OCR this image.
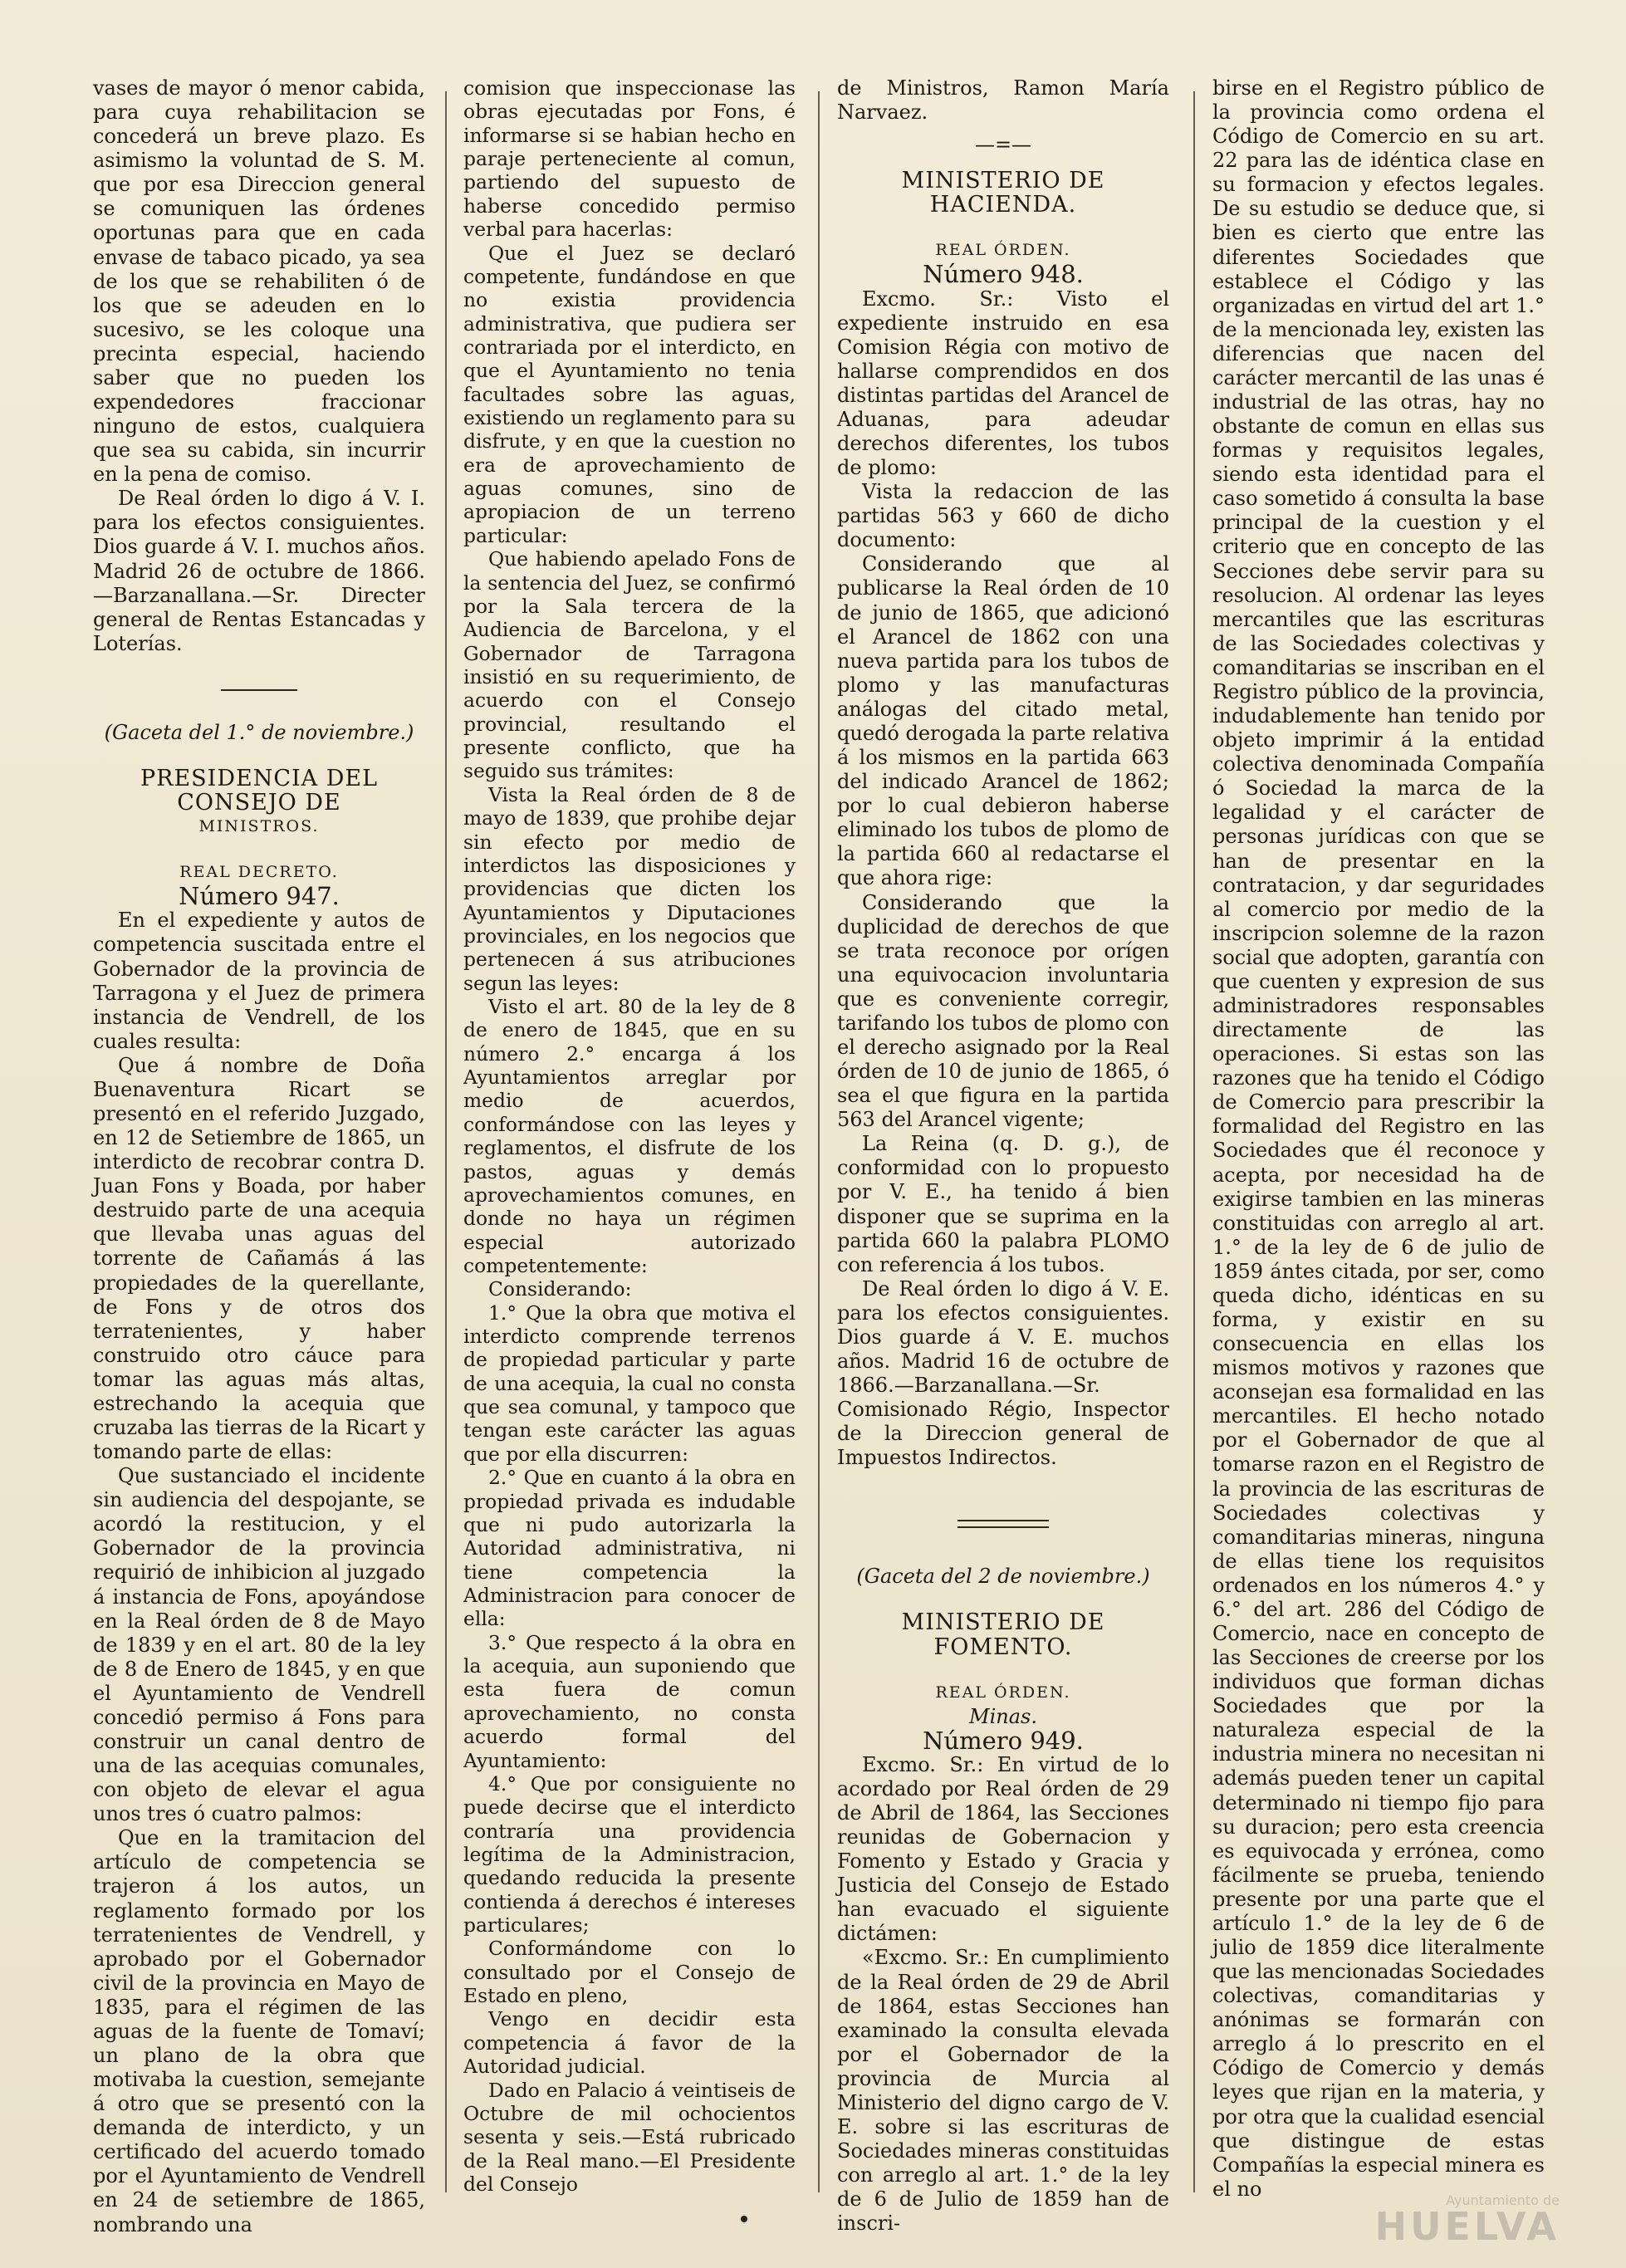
vases de mayor ó menor cabida, para cuya rehabilitacion se concederá un breve plazo. Es asimismo la voluntad de S. M. que por esa Direccion general se comuniquen las órdenes oportunas para que en cada envase de tabaco picado, ya sea de los que se rehabiliten ó de los que se adeuden en lo sucesivo, se les coloque una precinta especial, haciendo saber que no pueden los expendedores fraccionar ninguno de estos, cualquiera que sea su cabida, sin incurrir en la pena de comiso.

De Real órden lo digo á V. I. para los efectos consiguientes. Dios guarde á V. I. muchos años. Madrid 26 de octubre de 1866.—Barzanallana.—Sr. Directer general de Rentas Estancadas y Loterías.

(Gaceta del 1.° de noviembre.)

PRESIDENCIA DEL CONSEJO DE

MINISTROS.

REAL DECRETO.

Número 947.

En el expediente y autos de competencia suscitada entre el Gobernador de la provincia de Tarragona y el Juez de primera instancia de Vendrell, de los cuales resulta:

Que á nombre de Doña Buenaventura Ricart se presentó en el referido Juzgado, en 12 de Setiembre de 1865, un interdicto de recobrar contra D. Juan Fons y Boada, por haber destruido parte de una acequia que llevaba unas aguas del torrente de Cañamás á las propiedades de la querellante, de Fons y de otros dos terratenientes, y haber construido otro cáuce para tomar las aguas más altas, estrechando la acequia que cruzaba las tierras de la Ricart y tomando parte de ellas:

Que sustanciado el incidente sin audiencia del despojante, se acordó la restitucion, y el Gobernador de la provincia requirió de inhibicion al juzgado á instancia de Fons, apoyándose en la Real órden de 8 de Mayo de 1839 y en el art. 80 de la ley de 8 de Enero de 1845, y en que el Ayuntamiento de Vendrell concedió permiso á Fons para construir un canal dentro de una de las acequias comunales, con objeto de elevar el agua unos tres ó cuatro palmos:

Que en la tramitacion del artículo de competencia se trajeron á los autos, un reglamento formado por los terratenientes de Vendrell, y aprobado por el Gobernador civil de la provincia en Mayo de 1835, para el régimen de las aguas de la fuente de Tomaví; un plano de la obra que motivaba la cuestion, semejante á otro que se presentó con la demanda de interdicto, y un certificado del acuerdo tomado por el Ayuntamiento de Vendrell en 24 de setiembre de 1865, nombrando una

comision que inspeccionase las obras ejecutadas por Fons, é informarse si se habian hecho en paraje perteneciente al comun, partiendo del supuesto de haberse concedido permiso verbal para hacerlas:

Que el Juez se declaró competente, fundándose en que no existia providencia administrativa, que pudiera ser contrariada por el interdicto, en que el Ayuntamiento no tenia facultades sobre las aguas, existiendo un reglamento para su disfrute, y en que la cuestion no era de aprovechamiento de aguas comunes, sino de apropiacion de un terreno particular:

Que habiendo apelado Fons de la sentencia del Juez, se confirmó por la Sala tercera de la Audiencia de Barcelona, y el Gobernador de Tarragona insistió en su requerimiento, de acuerdo con el Consejo provincial, resultando el presente conflicto, que ha seguido sus trámites:

Vista la Real órden de 8 de mayo de 1839, que prohibe dejar sin efecto por medio de interdictos las disposiciones y providencias que dicten los Ayuntamientos y Diputaciones provinciales, en los negocios que pertenecen á sus atribuciones segun las leyes:

Visto el art. 80 de la ley de 8 de enero de 1845, que en su número 2.° encarga á los Ayuntamientos arreglar por medio de acuerdos, conformándose con las leyes y reglamentos, el disfrute de los pastos, aguas y demás aprovechamientos comunes, en donde no haya un régimen especial autorizado competentemente:

Considerando:

1.° Que la obra que motiva el interdicto comprende terrenos de propiedad particular y parte de una acequia, la cual no consta que sea comunal, y tampoco que tengan este carácter las aguas que por ella discurren:

2.° Que en cuanto á la obra en propiedad privada es indudable que ni pudo autorizarla la Autoridad administrativa, ni tiene competencia la Administracion para conocer de ella:

3.° Que respecto á la obra en la acequia, aun suponiendo que esta fuera de comun aprovechamiento, no consta acuerdo formal del Ayuntamiento:

4.° Que por consiguiente no puede decirse que el interdicto contraría una providencia legítima de la Administracion, quedando reducida la presente contienda á derechos é intereses particulares;

Conformándome con lo consultado por el Consejo de Estado en pleno,

Vengo en decidir esta competencia á favor de la Autoridad judicial.

Dado en Palacio á veintiseis de Octubre de mil ochocientos sesenta y seis.—Está rubricado de la Real mano.—El Presidente del Consejo

de Ministros, Ramon María Narvaez.

—=—

MINISTERIO DE HACIENDA.

REAL ÓRDEN.

Número 948.

Excmo. Sr.: Visto el expediente instruido en esa Comision Régia con motivo de hallarse comprendidos en dos distintas partidas del Arancel de Aduanas, para adeudar derechos diferentes, los tubos de plomo:

Vista la redaccion de las partidas 563 y 660 de dicho documento:

Considerando que al publicarse la Real órden de 10 de junio de 1865, que adicionó el Arancel de 1862 con una nueva partida para los tubos de plomo y las manufacturas análogas del citado metal, quedó derogada la parte relativa á los mismos en la partida 663 del indicado Arancel de 1862; por lo cual debieron haberse eliminado los tubos de plomo de la partida 660 al redactarse el que ahora rige:

Considerando que la duplicidad de derechos de que se trata reconoce por orígen una equivocacion involuntaria que es conveniente corregir, tarifando los tubos de plomo con el derecho asignado por la Real órden de 10 de junio de 1865, ó sea el que figura en la partida 563 del Arancel vigente;

La Reina (q. D. g.), de conformidad con lo propuesto por V. E., ha tenido á bien disponer que se suprima en la partida 660 la palabra PLOMO con referencia á los tubos.

De Real órden lo digo á V. E. para los efectos consiguientes. Dios guarde á V. E. muchos años. Madrid 16 de octubre de 1866.—Barzanallana.—Sr. Comisionado Régio, Inspector de la Direccion general de Impuestos Indirectos.

(Gaceta del 2 de noviembre.)

MINISTERIO DE FOMENTO.

REAL ÓRDEN.

Minas.

Número 949.

Excmo. Sr.: En virtud de lo acordado por Real órden de 29 de Abril de 1864, las Secciones reunidas de Gobernacion y Fomento y Estado y Gracia y Justicia del Consejo de Estado han evacuado el siguiente dictámen:

«Excmo. Sr.: En cumplimiento de la Real órden de 29 de Abril de 1864, estas Secciones han examinado la consulta elevada por el Gobernador de la provincia de Murcia al Ministerio del digno cargo de V. E. sobre si las escrituras de Sociedades mineras constituidas con arreglo al art. 1.° de la ley de 6 de Julio de 1859 han de inscri-

birse en el Registro público de la provincia como ordena el Código de Comercio en su art. 22 para las de idéntica clase en su formacion y efectos legales. De su estudio se deduce que, si bien es cierto que entre las diferentes Sociedades que establece el Código y las organizadas en virtud del art 1.° de la mencionada ley, existen las diferencias que nacen del carácter mercantil de las unas é industrial de las otras, hay no obstante de comun en ellas sus formas y requisitos legales, siendo esta identidad para el caso sometido á consulta la base principal de la cuestion y el criterio que en concepto de las Secciones debe servir para su resolucion. Al ordenar las leyes mercantiles que las escrituras de las Sociedades colectivas y comanditarias se inscriban en el Registro público de la provincia, indudablemente han tenido por objeto imprimir á la entidad colectiva denominada Compañía ó Sociedad la marca de la legalidad y el carácter de personas jurídicas con que se han de presentar en la contratacion, y dar seguridades al comercio por medio de la inscripcion solemne de la razon social que adopten, garantía con que cuenten y expresion de sus administradores responsables directamente de las operaciones. Si estas son las razones que ha tenido el Código de Comercio para prescribir la formalidad del Registro en las Sociedades que él reconoce y acepta, por necesidad ha de exigirse tambien en las mineras constituidas con arreglo al art. 1.° de la ley de 6 de julio de 1859 ántes citada, por ser, como queda dicho, idénticas en su forma, y existir en su consecuencia en ellas los mismos motivos y razones que aconsejan esa formalidad en las mercantiles. El hecho notado por el Gobernador de que al tomarse razon en el Registro de la provincia de las escrituras de Sociedades colectivas y comanditarias mineras, ninguna de ellas tiene los requisitos ordenados en los números 4.° y 6.° del art. 286 del Código de Comercio, nace en concepto de las Secciones de creerse por los individuos que forman dichas Sociedades que por la naturaleza especial de la industria minera no necesitan ni además pueden tener un capital determinado ni tiempo fijo para su duracion; pero esta creencia es equivocada y errónea, como fácilmente se prueba, teniendo presente por una parte que el artículo 1.° de la ley de 6 de julio de 1859 dice literalmente que las mencionadas Sociedades colectivas, comanditarias y anónimas se formarán con arreglo á lo prescrito en el Código de Comercio y demás leyes que rijan en la materia, y por otra que la cualidad esencial que distingue de estas Compañías la especial minera es el no	Ayuntamiento de
HUELVA
